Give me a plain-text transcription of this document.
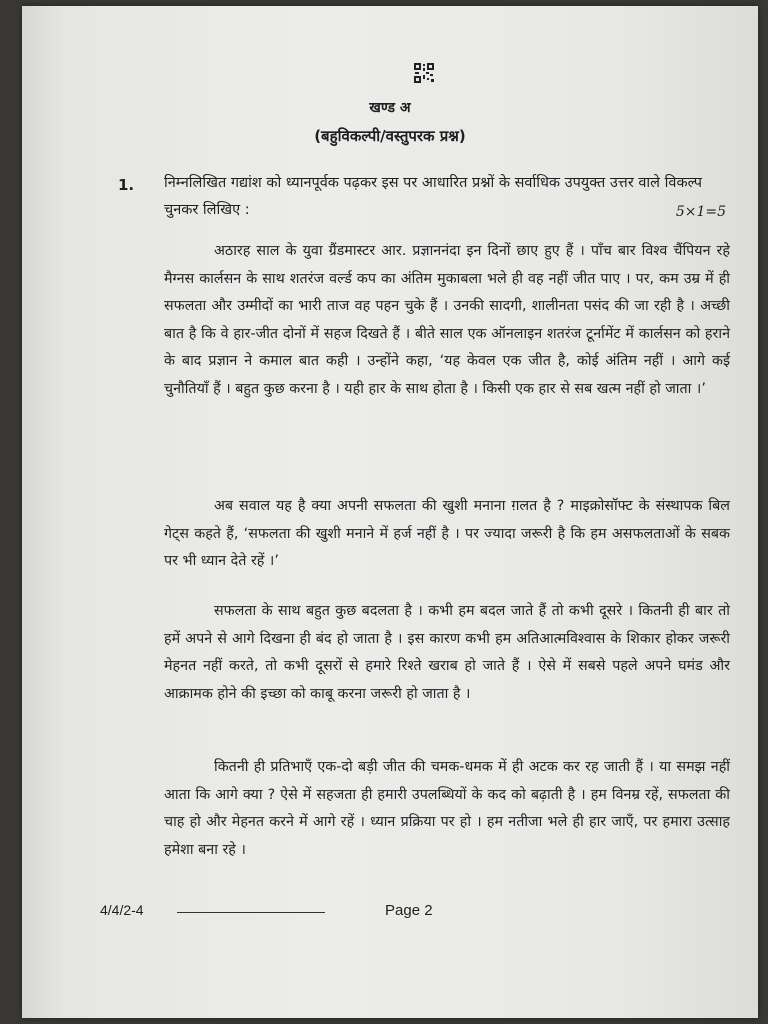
खण्ड अ

(बहुविकल्पी/वस्तुपरक प्रश्न)

1. निम्नलिखित गद्यांश को ध्यानपूर्वक पढ़कर इस पर आधारित प्रश्नों के सर्वाधिक उपयुक्त उत्तर वाले विकल्प चुनकर लिखिए :	5×1=5

अठारह साल के युवा ग्रैंडमास्टर आर. प्रज्ञाननंदा इन दिनों छाए हुए हैं । पाँच बार विश्व चैंपियन रहे मैग्नस कार्लसन के साथ शतरंज वर्ल्ड कप का अंतिम मुकाबला भले ही वह नहीं जीत पाए । पर, कम उम्र में ही सफलता और उम्मीदों का भारी ताज वह पहन चुके हैं । उनकी सादगी, शालीनता पसंद की जा रही है । अच्छी बात है कि वे हार-जीत दोनों में सहज दिखते हैं । बीते साल एक ऑनलाइन शतरंज टूर्नामेंट में कार्लसन को हराने के बाद प्रज्ञान ने कमाल बात कही । उन्होंने कहा, ‘यह केवल एक जीत है, कोई अंतिम नहीं । आगे कई चुनौतियाँ हैं । बहुत कुछ करना है । यही हार के साथ होता है । किसी एक हार से सब खत्म नहीं हो जाता ।’

अब सवाल यह है क्या अपनी सफलता की खुशी मनाना ग़लत है ? माइक्रोसॉफ्ट के संस्थापक बिल गेट्स कहते हैं, ‘सफलता की खुशी मनाने में हर्ज नहीं है । पर ज्यादा जरूरी है कि हम असफलताओं के सबक पर भी ध्यान देते रहें ।’

सफलता के साथ बहुत कुछ बदलता है । कभी हम बदल जाते हैं तो कभी दूसरे । कितनी ही बार तो हमें अपने से आगे दिखना ही बंद हो जाता है । इस कारण कभी हम अतिआत्मविश्वास के शिकार होकर जरूरी मेहनत नहीं करते, तो कभी दूसरों से हमारे रिश्ते खराब हो जाते हैं । ऐसे में सबसे पहले अपने घमंड और आक्रामक होने की इच्छा को काबू करना जरूरी हो जाता है ।

कितनी ही प्रतिभाएँ एक-दो बड़ी जीत की चमक-धमक में ही अटक कर रह जाती हैं । या समझ नहीं आता कि आगे क्या ? ऐसे में सहजता ही हमारी उपलब्धियों के कद को बढ़ाती है । हम विनम्र रहें, सफलता की चाह हो और मेहनत करने में आगे रहें । ध्यान प्रक्रिया पर हो । हम नतीजा भले ही हार जाएँ, पर हमारा उत्साह हमेशा बना रहे ।

4/4/2-4	Page 2
